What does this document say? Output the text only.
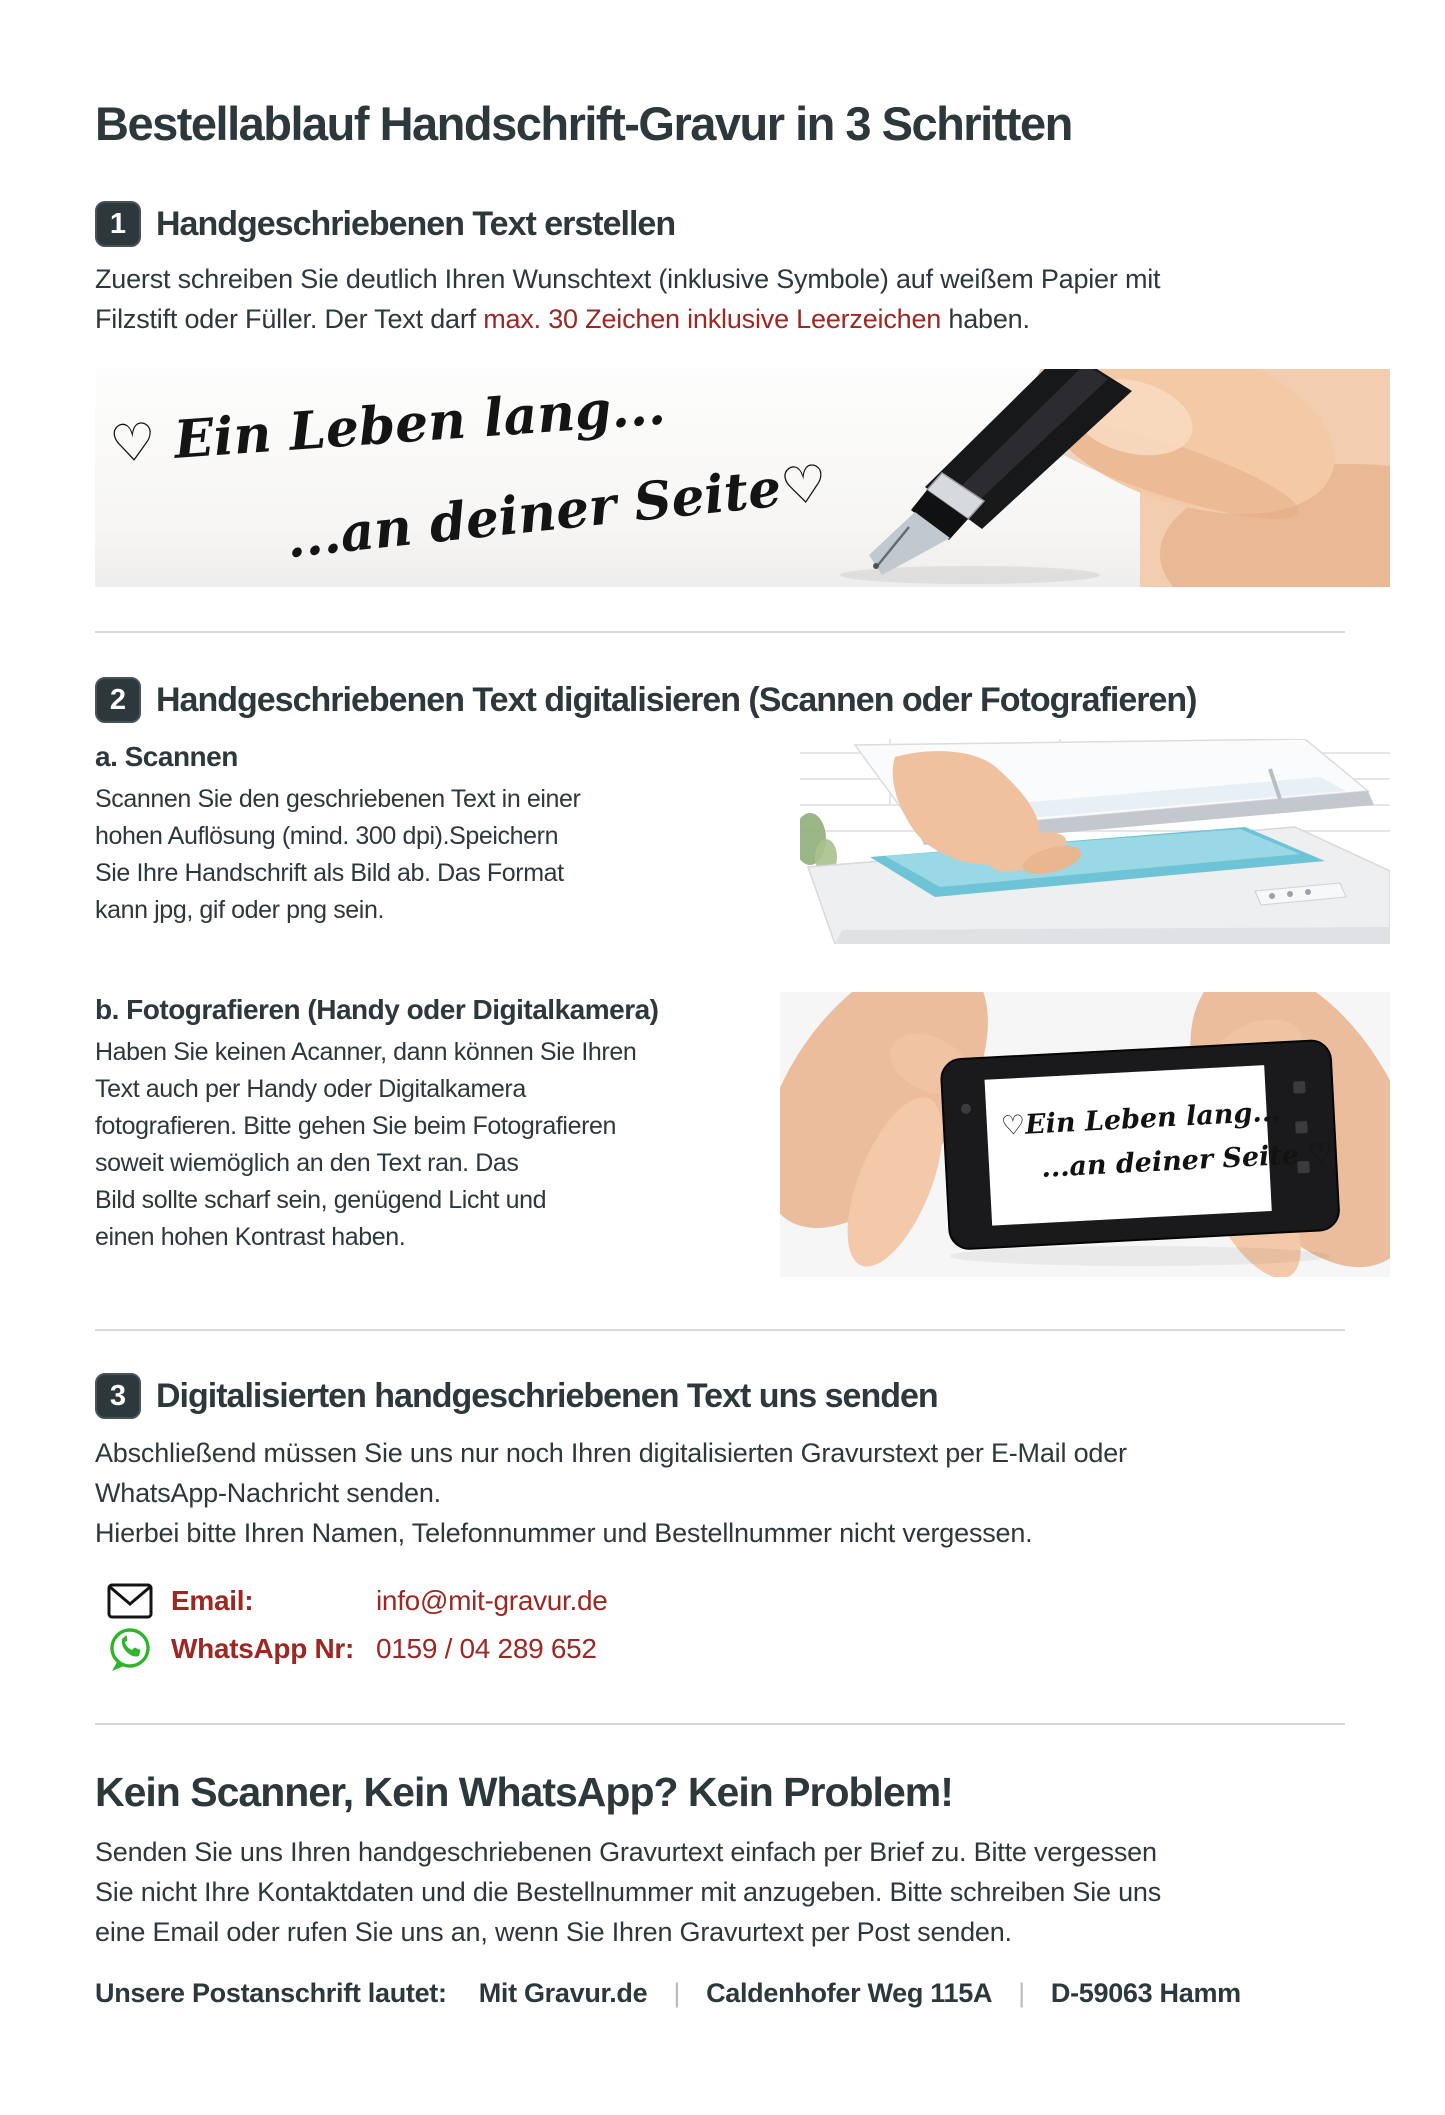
Bestellablauf Handschrift-Gravur in 3 Schritten
1 Handgeschriebenen Text erstellen

Zuerst schreiben Sie deutlich Ihren Wunschtext (inklusive Symbole) auf weißem Papier mit
Filzstift oder Füller. Der Text darf max. 30 Zeichen inklusive Leerzeichen haben.

♡ Ein Leben lang...
...an deiner Seite♡
2 Handgeschriebenen Text digitalisieren (Scannen oder Fotografieren)
a. Scannen
Scannen Sie den geschriebenen Text in einer
hohen Auflösung (mind. 300 dpi).Speichern
Sie Ihre Handschrift als Bild ab. Das Format
kann jpg, gif oder png sein.
b. Fotografieren (Handy oder Digitalkamera)
Haben Sie keinen Acanner, dann können Sie Ihren
Text auch per Handy oder Digitalkamera
fotografieren. Bitte gehen Sie beim Fotografieren
soweit wiemöglich an den Text ran. Das
Bild sollte scharf sein, genügend Licht und
einen hohen Kontrast haben.
♡Ein Leben lang...
...an deiner Seite ♡
3 Digitalisierten handgeschriebenen Text uns senden

Abschließend müssen Sie uns nur noch Ihren digitalisierten Gravurstext per E-Mail oder
WhatsApp-Nachricht senden.
Hierbei bitte Ihren Namen, Telefonnummer und Bestellnummer nicht vergessen.

Email:	info@mit-gravur.de
WhatsApp Nr: 0159 / 04 289 652
Kein Scanner, Kein WhatsApp? Kein Problem!

Senden Sie uns Ihren handgeschriebenen Gravurtext einfach per Brief zu. Bitte vergessen
Sie nicht Ihre Kontaktdaten und die Bestellnummer mit anzugeben. Bitte schreiben Sie uns
eine Email oder rufen Sie uns an, wenn Sie Ihren Gravurtext per Post senden.

Unsere Postanschrift lautet: Mit Gravur.de | Caldenhofer Weg 115A | D-59063 Hamm
